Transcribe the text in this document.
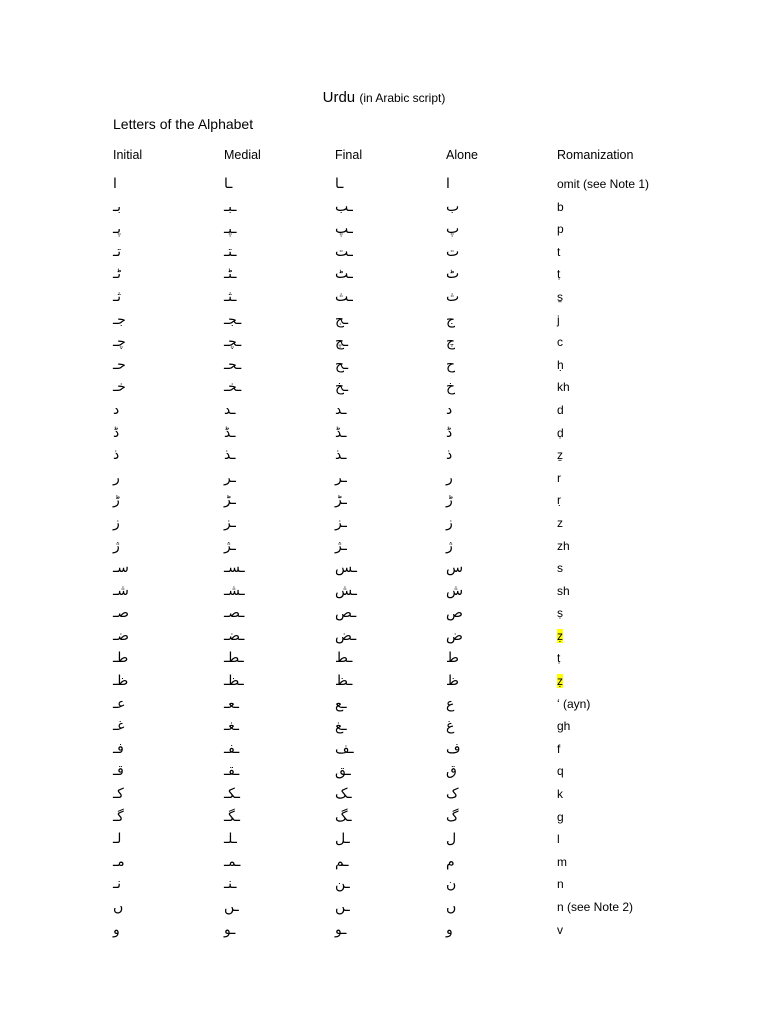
Urdu (in Arabic script)
Letters of the Alphabet
Initial	Medial	Final	Alone	Romanization
ا	ـا	ـا	ا	omit (see Note 1)
بـ	ـبـ	ـب	ب	b
پـ	ـپـ	ـپ	پ	p
تـ	ـتـ	ـت	ت	t
ٹـ	ـٹـ	ـٹ	ٹ	ṭ
ثـ	ـثـ	ـث	ث	s̱
جـ	ـجـ	ـج	ج	j
چـ	ـچـ	ـچ	چ	c
حـ	ـحـ	ـح	ح	ḥ
خـ	ـخـ	ـخ	خ	kh
د	ـد	ـد	د	d
ڈ	ـڈ	ـڈ	ڈ	ḍ
ذ	ـذ	ـذ	ذ	ẕ
ر	ـر	ـر	ر	r
ڑ	ـڑ	ـڑ	ڑ	ṛ
ز	ـز	ـز	ز	z
ژ	ـژ	ـژ	ژ	zh
سـ	ـسـ	ـس	س	s
شـ	ـشـ	ـش	ش	sh
صـ	ـصـ	ـص	ص	ṣ
ضـ	ـضـ	ـض	ض	ẓ
طـ	ـطـ	ـط	ط	ṭ
ظـ	ـظـ	ـظ	ظ	ẓ
عـ	ـعـ	ـع	ع	ʻ (ayn)
غـ	ـغـ	ـغ	غ	gh
فـ	ـفـ	ـف	ف	f
قـ	ـقـ	ـق	ق	q
کـ	ـکـ	ـک	ک	k
گـ	ـگـ	ـگ	گ	g
لـ	ـلـ	ـل	ل	l
مـ	ـمـ	ـم	م	m
نـ	ـنـ	ـن	ن	n
ں	ـں	ـں	ں	n (see Note 2)
و	ـو	ـو	و	v
